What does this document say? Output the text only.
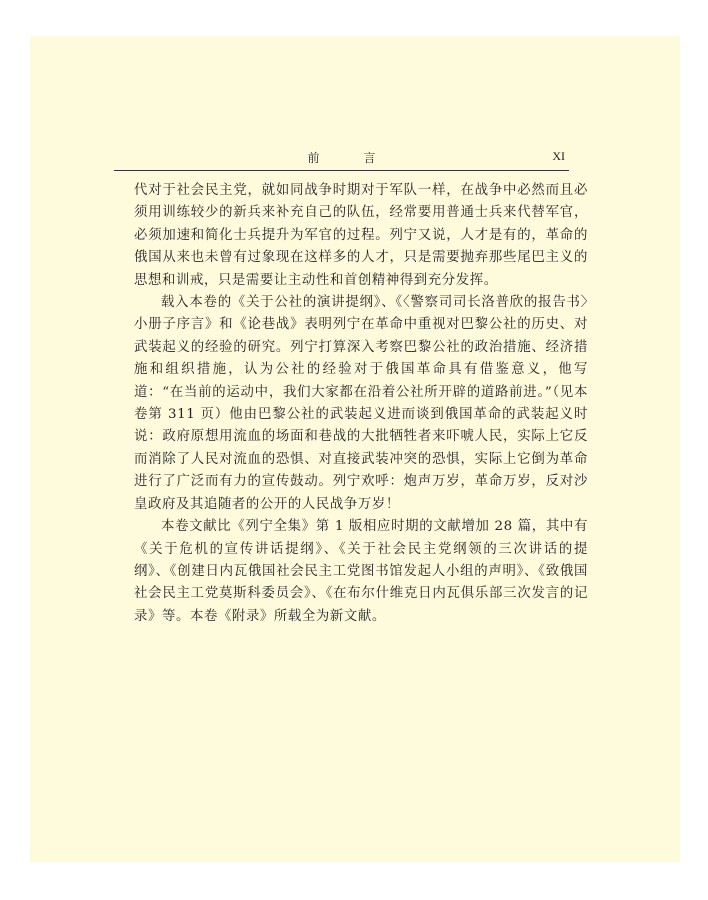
前　言	XI

代对于社会民主党，就如同战争时期对于军队一样，在战争中必然而且必须用训练较少的新兵来补充自己的队伍，经常要用普通士兵来代替军官，必须加速和简化士兵提升为军官的过程。列宁又说，人才是有的，革命的俄国从来也未曾有过象现在这样多的人才，只是需要抛弃那些尾巴主义的思想和训戒，只是需要让主动性和首创精神得到充分发挥。

载入本卷的《关于公社的演讲提纲》、《〈警察司司长洛普欣的报告书〉小册子序言》和《论巷战》表明列宁在革命中重视对巴黎公社的历史、对武装起义的经验的研究。列宁打算深入考察巴黎公社的政治措施、经济措施和组织措施，认为公社的经验对于俄国革命具有借鉴意义，他写道：“在当前的运动中，我们大家都在沿着公社所开辟的道路前进。”（见本卷第 311 页）他由巴黎公社的武装起义进而谈到俄国革命的武装起义时说：政府原想用流血的场面和巷战的大批牺牲者来吓唬人民，实际上它反而消除了人民对流血的恐惧、对直接武装冲突的恐惧，实际上它倒为革命进行了广泛而有力的宣传鼓动。列宁欢呼：炮声万岁，革命万岁，反对沙皇政府及其追随者的公开的人民战争万岁！

本卷文献比《列宁全集》第 1 版相应时期的文献增加 28 篇，其中有《关于危机的宣传讲话提纲》、《关于社会民主党纲领的三次讲话的提纲》、《创建日内瓦俄国社会民主工党图书馆发起人小组的声明》、《致俄国社会民主工党莫斯科委员会》、《在布尔什维克日内瓦俱乐部三次发言的记录》等。本卷《附录》所载全为新文献。
